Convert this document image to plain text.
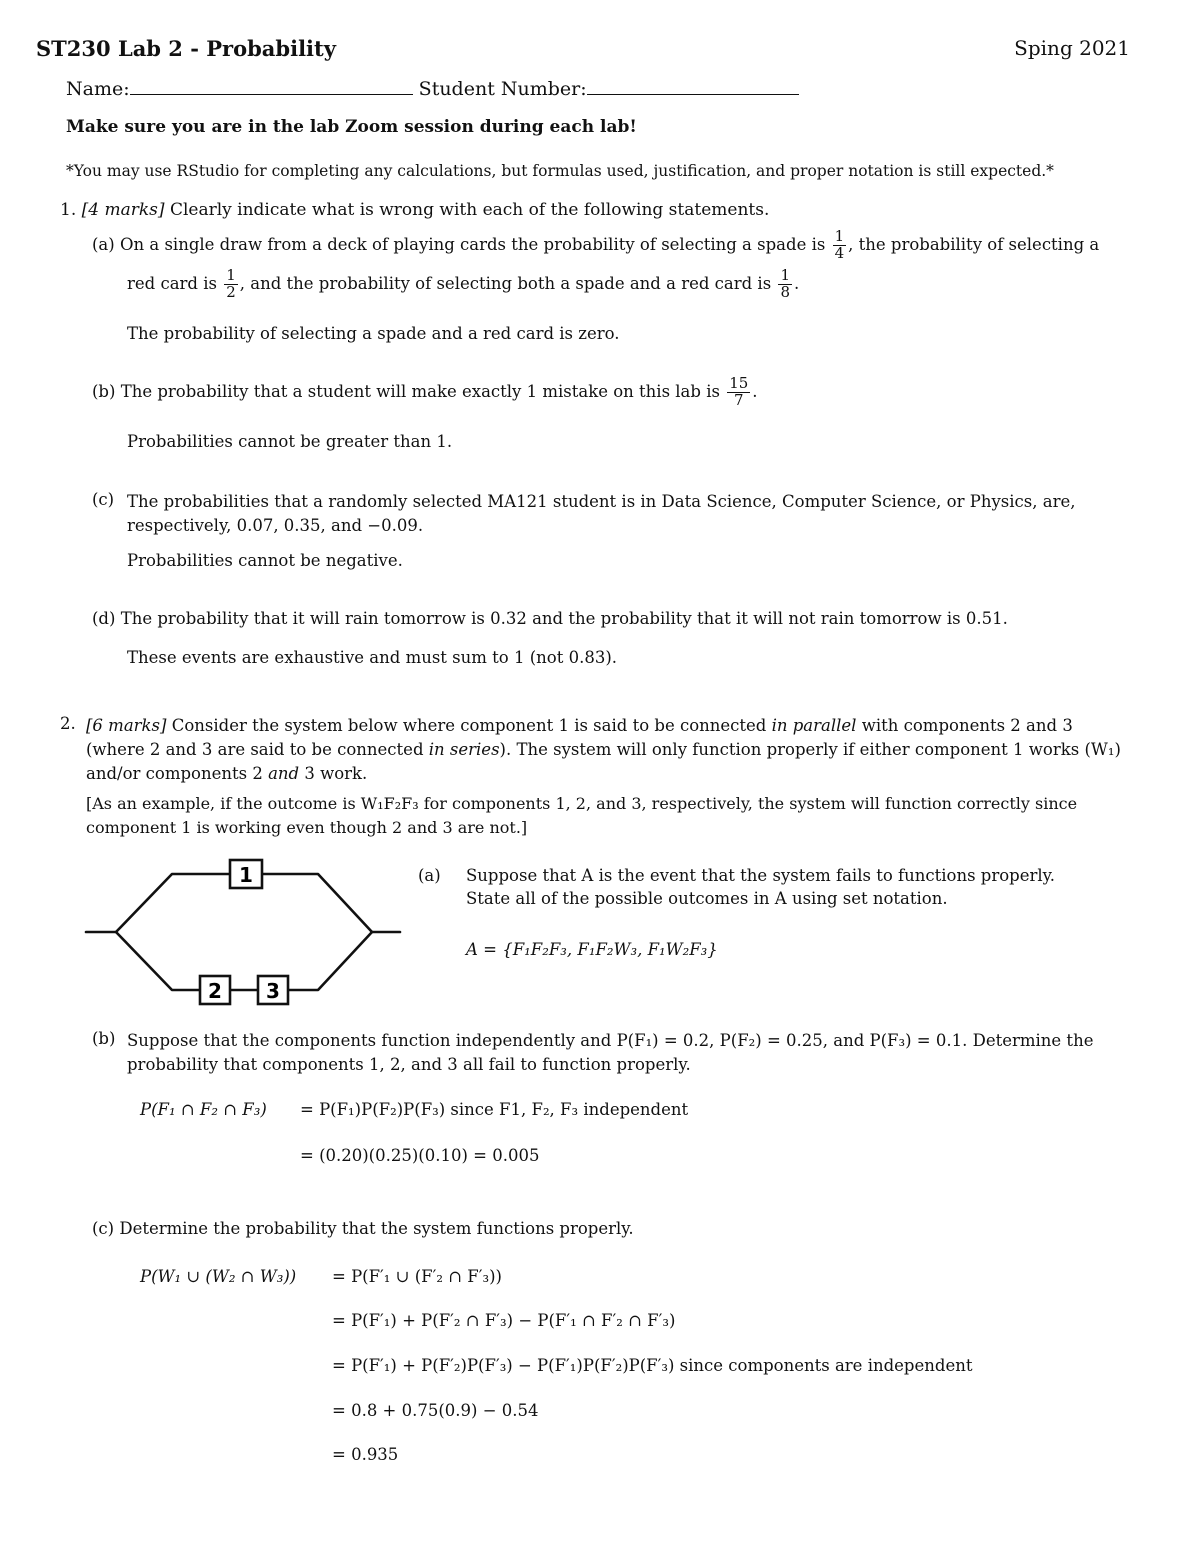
ST230 Lab 2 - Probability	Sping 2021
Name:	Student Number:
Make sure you are in the lab Zoom session during each lab!
*You may use RStudio for completing any calculations, but formulas used, justification, and proper notation is still expected.*
1. [4 marks] Clearly indicate what is wrong with each of the following statements.
(a) On a single draw from a deck of playing cards the probability of selecting a spade is $\frac{1}{4}$ , the probability of selecting a
red card is $\frac{1}{2}$ , and the probability of selecting both a spade and a red card is $\frac{1}{8}$ .
The probability of selecting a spade and a red card is zero.
(b) The probability that a student will make exactly 1 mistake on this lab is $\frac{15}{7}$ .
Probabilities cannot be greater than 1.
(c) The probabilities that a randomly selected MA121 student is in Data Science, Computer Science, or Physics, are, respectively, 0.07, 0.35, and −0.09.
Probabilities cannot be negative.
(d) The probability that it will rain tomorrow is 0.32 and the probability that it will not rain tomorrow is 0.51.
These events are exhaustive and must sum to 1 (not 0.83).
2. [6 marks] Consider the system below where component 1 is said to be connected in parallel with components 2 and 3 (where 2 and 3 are said to be connected in series). The system will only function properly if either component 1 works (W₁) and/or components 2 and 3 work.
[As an example, if the outcome is W₁F₂F₃ for components 1, 2, and 3, respectively, the system will function correctly since component 1 is working even though 2 and 3 are not.]
1
2 3
(a) Suppose that A is the event that the system fails to functions properly.
State all of the possible outcomes in A using set notation.
A = {F₁F₂F₃, F₁F₂W₃, F₁W₂F₃}
(b) Suppose that the components function independently and P(F₁) = 0.2, P(F₂) = 0.25, and P(F₃) = 0.1. Determine the probability that components 1, 2, and 3 all fail to function properly.
P(F₁ ∩ F₂ ∩ F₃) = P(F₁)P(F₂)P(F₃) since F1, F₂, F₃ independent
= (0.20)(0.25)(0.10) = 0.005
(c) Determine the probability that the system functions properly.
P(W₁ ∪ (W₂ ∩ W₃)) = P(F′₁ ∪ (F′₂ ∩ F′₃))
= P(F′₁) + P(F′₂ ∩ F′₃) − P(F′₁ ∩ F′₂ ∩ F′₃)
= P(F′₁) + P(F′₂)P(F′₃) − P(F′₁)P(F′₂)P(F′₃) since components are independent
= 0.8 + 0.75(0.9) − 0.54
= 0.935
